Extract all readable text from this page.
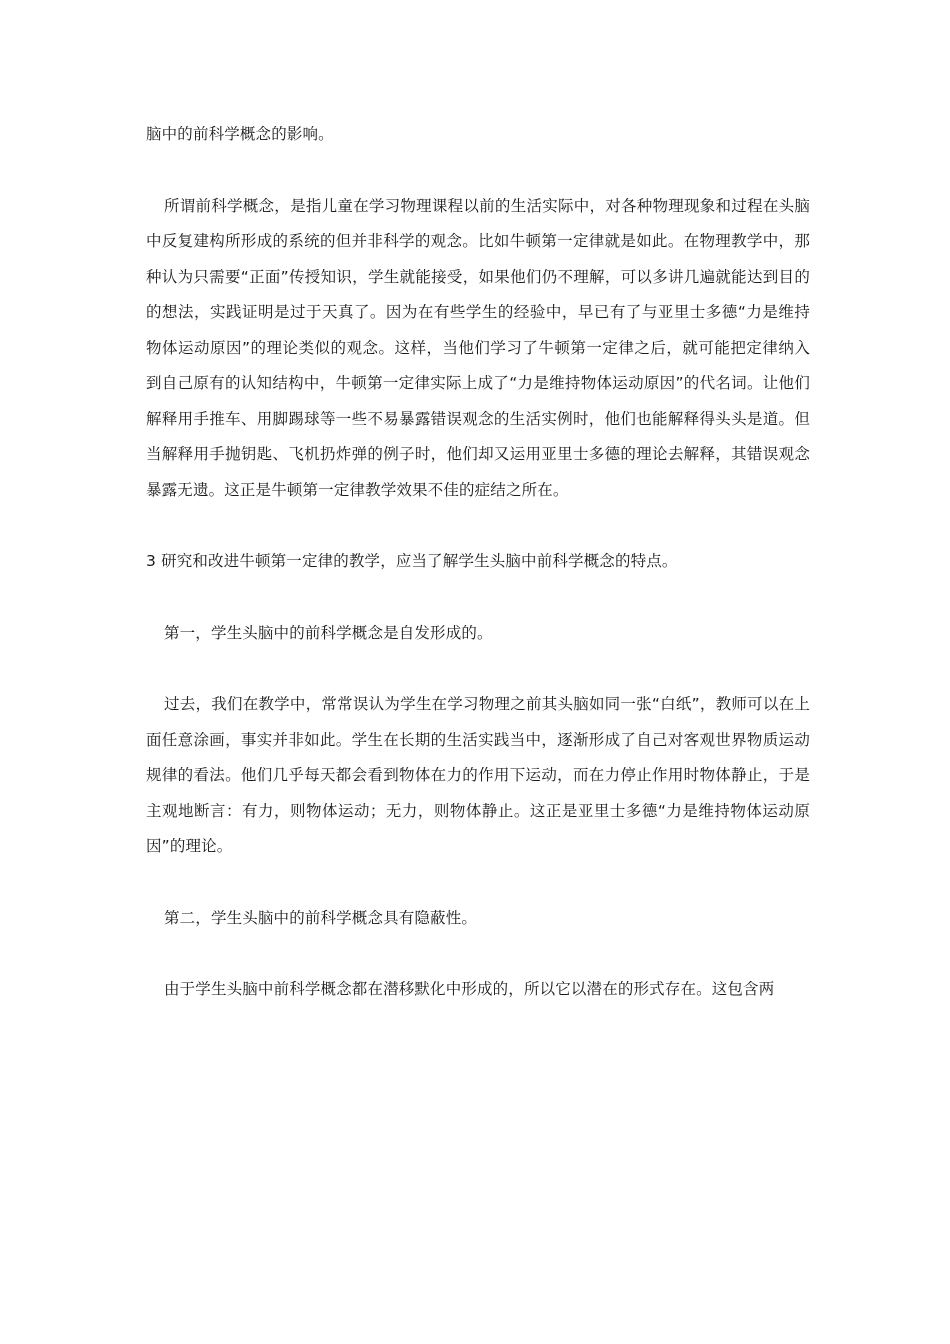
脑中的前科学概念的影响。

所谓前科学概念，是指儿童在学习物理课程以前的生活实际中，对各种物理现象和过程在头脑中反复建构所形成的系统的但并非科学的观念。比如牛顿第一定律就是如此。在物理教学中，那种认为只需要“正面”传授知识，学生就能接受，如果他们仍不理解，可以多讲几遍就能达到目的的想法，实践证明是过于天真了。因为在有些学生的经验中，早已有了与亚里士多德“力是维持物体运动原因”的理论类似的观念。这样，当他们学习了牛顿第一定律之后，就可能把定律纳入到自己原有的认知结构中，牛顿第一定律实际上成了“力是维持物体运动原因”的代名词。让他们解释用手推车、用脚踢球等一些不易暴露错误观念的生活实例时，他们也能解释得头头是道。但当解释用手抛钥匙、飞机扔炸弹的例子时，他们却又运用亚里士多德的理论去解释，其错误观念暴露无遗。这正是牛顿第一定律教学效果不佳的症结之所在。

3 研究和改进牛顿第一定律的教学，应当了解学生头脑中前科学概念的特点。

第一，学生头脑中的前科学概念是自发形成的。

过去，我们在教学中，常常误认为学生在学习物理之前其头脑如同一张“白纸”，教师可以在上面任意涂画，事实并非如此。学生在长期的生活实践当中，逐渐形成了自己对客观世界物质运动规律的看法。他们几乎每天都会看到物体在力的作用下运动，而在力停止作用时物体静止，于是主观地断言：有力，则物体运动；无力，则物体静止。这正是亚里士多德“力是维持物体运动原因”的理论。

第二，学生头脑中的前科学概念具有隐蔽性。

由于学生头脑中前科学概念都在潜移默化中形成的，所以它以潜在的形式存在。这包含两
